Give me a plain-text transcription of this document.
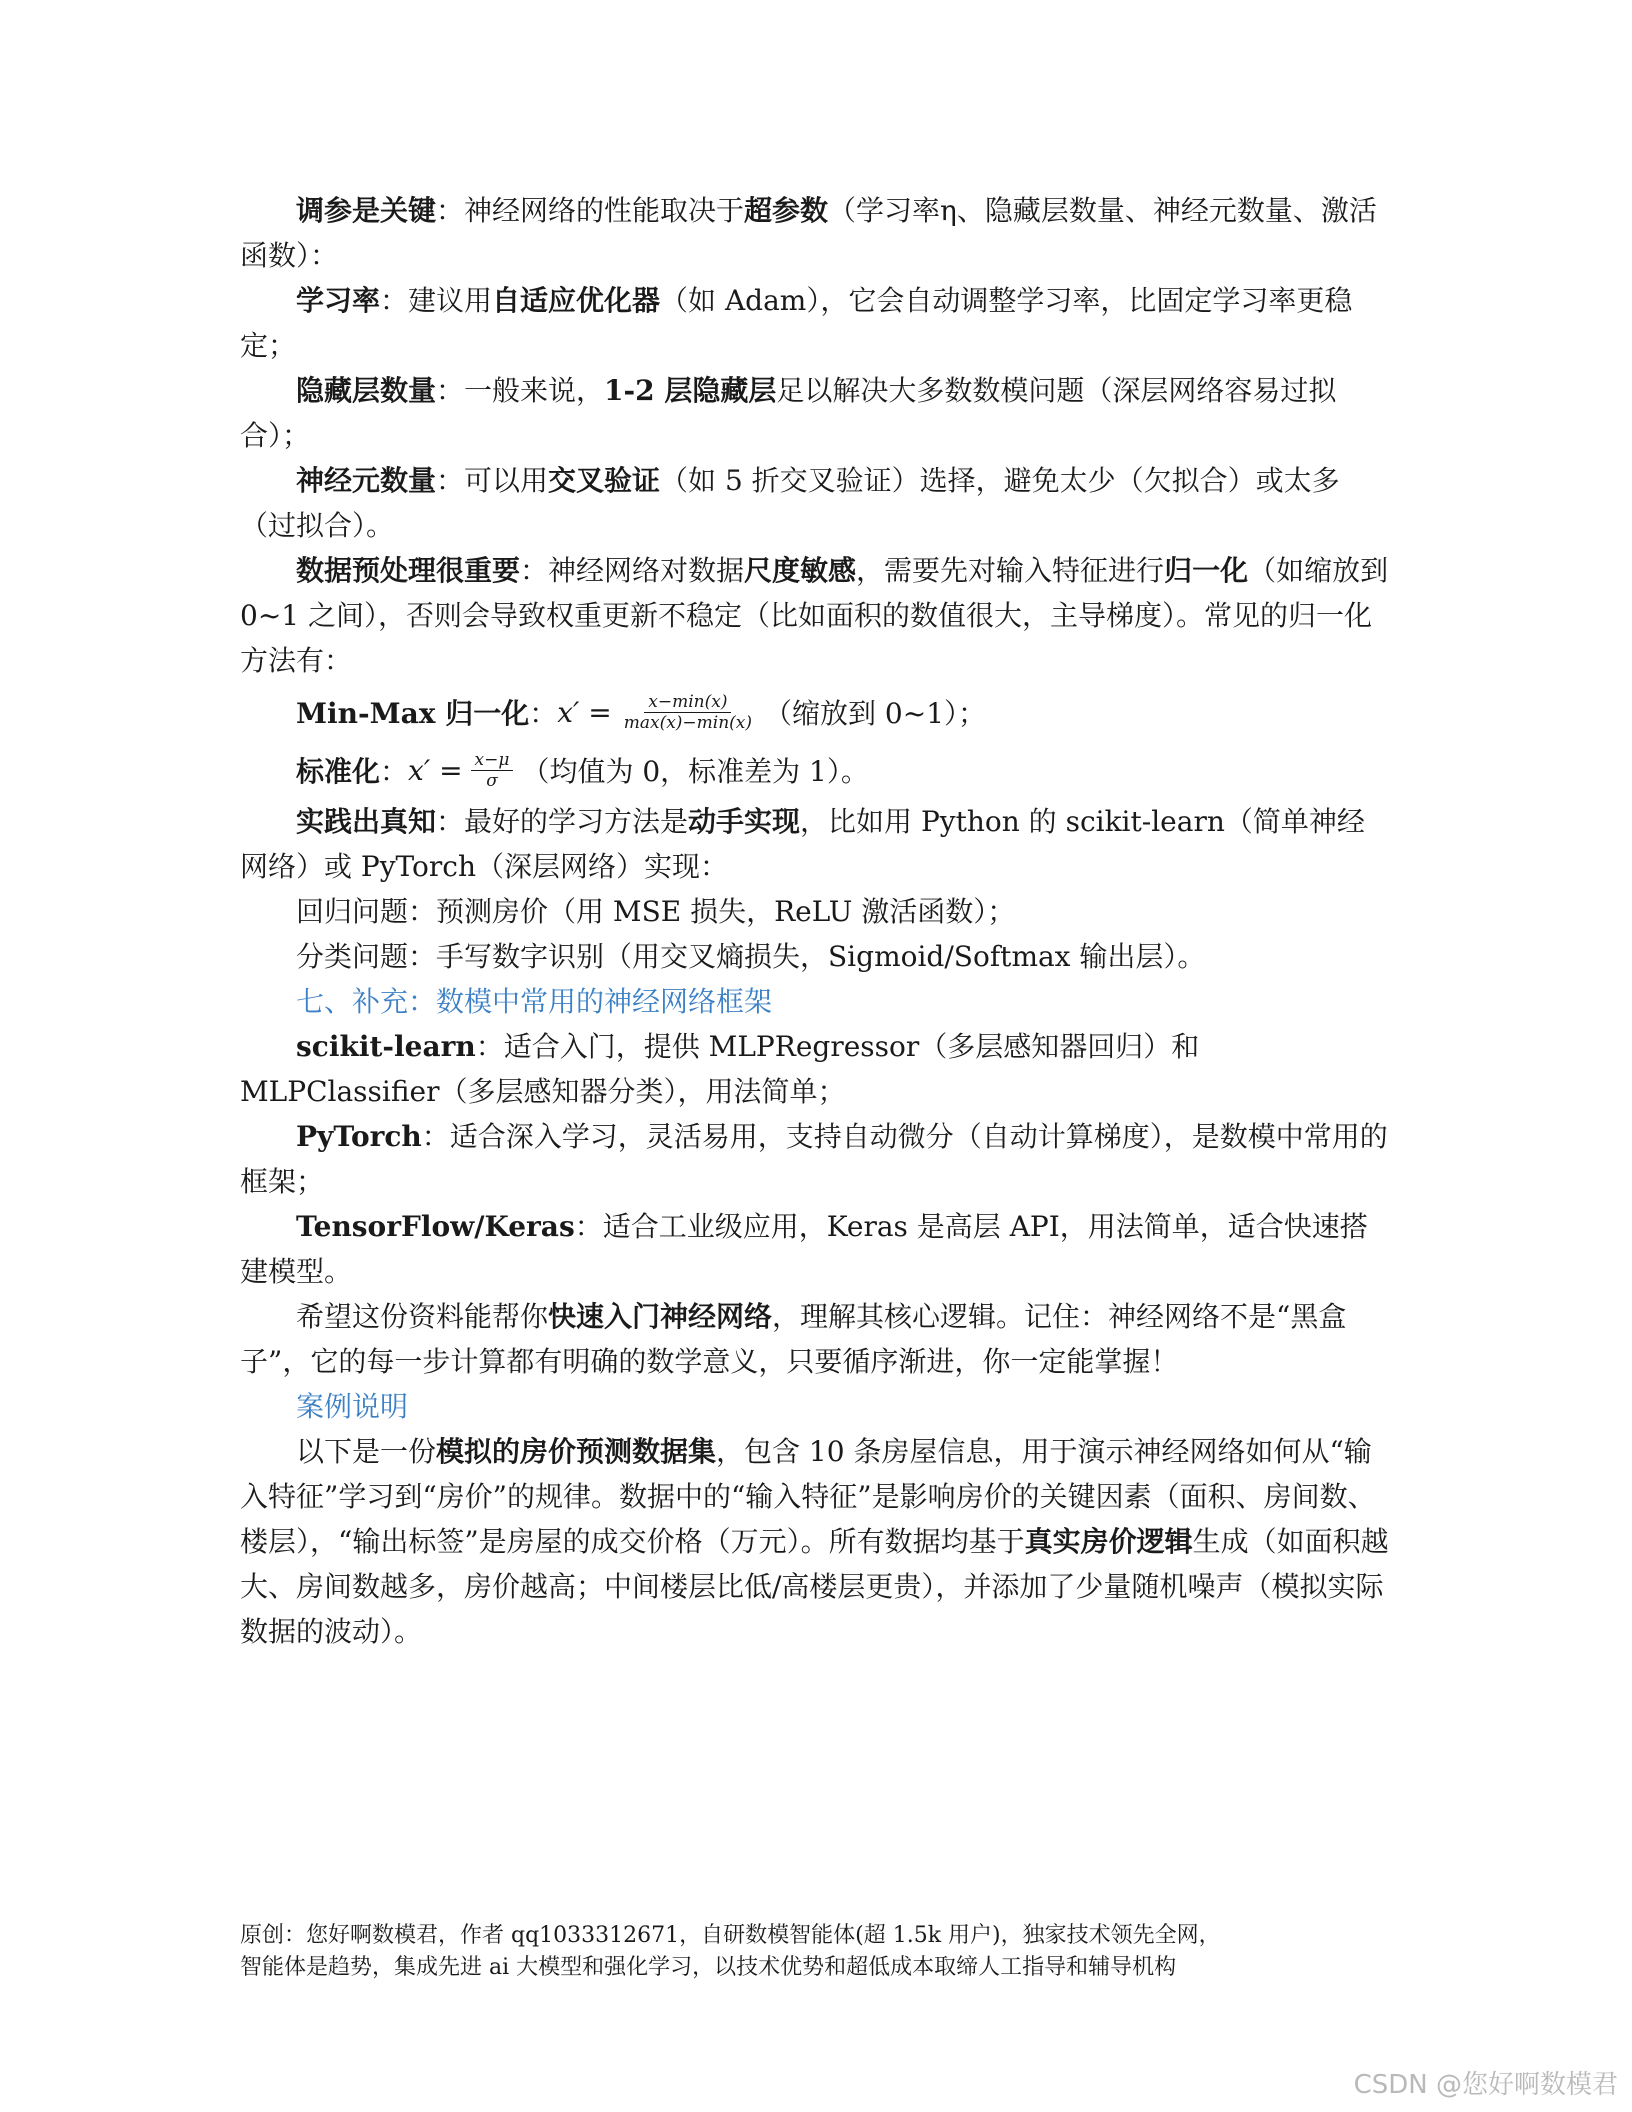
调参是关键：神经网络的性能取决于超参数（学习率η、隐藏层数量、神经元数量、激活函数）：

学习率：建议用自适应优化器（如 Adam），它会自动调整学习率，比固定学习率更稳定；

隐藏层数量：一般来说，1-2 层隐藏层足以解决大多数数模问题（深层网络容易过拟合）；

神经元数量：可以用交叉验证（如 5 折交叉验证）选择，避免太少（欠拟合）或太多（过拟合）。

数据预处理很重要：神经网络对数据尺度敏感，需要先对输入特征进行归一化（如缩放到 0~1 之间），否则会导致权重更新不稳定（比如面积的数值很大，主导梯度）。常见的归一化方法有：

Min-Max 归一化 ： $x' = \frac{x-\min(x)}{\max(x)-\min(x)}$ （缩放到 0~1）；
标准化 ： $x' = \frac{x-\mu}{\sigma}$ （均值为 0，标准差为 1）。

实践出真知：最好的学习方法是动手实现，比如用 Python 的 scikit-learn（简单神经网络）或 PyTorch（深层网络）实现：

回归问题：预测房价（用 MSE 损失，ReLU 激活函数）；

分类问题：手写数字识别（用交叉熵损失，Sigmoid/Softmax 输出层）。

七、补充：数模中常用的神经网络框架

scikit-learn：适合入门，提供 MLPRegressor（多层感知器回归）和 MLPClassifier（多层感知器分类），用法简单；

PyTorch：适合深入学习，灵活易用，支持自动微分（自动计算梯度），是数模中常用的框架；

TensorFlow/Keras：适合工业级应用，Keras 是高层 API，用法简单，适合快速搭建模型。

希望这份资料能帮你快速入门神经网络，理解其核心逻辑。记住：神经网络不是“黑盒子”，它的每一步计算都有明确的数学意义，只要循序渐进，你一定能掌握！

案例说明

以下是一份模拟的房价预测数据集，包含 10 条房屋信息，用于演示神经网络如何从“输入特征”学习到“房价”的规律。数据中的“输入特征”是影响房价的关键因素（面积、房间数、楼层），“输出标签”是房屋的成交价格（万元）。所有数据均基于真实房价逻辑生成（如面积越大、房间数越多，房价越高；中间楼层比低/高楼层更贵），并添加了少量随机噪声（模拟实际数据的波动）。

原创：您好啊数模君，作者 qq1033312671，自研数模智能体(超 1.5k 用户)，独家技术领先全网，
智能体是趋势，集成先进 ai 大模型和强化学习，以技术优势和超低成本取缔人工指导和辅导机构
CSDN @您好啊数模君
